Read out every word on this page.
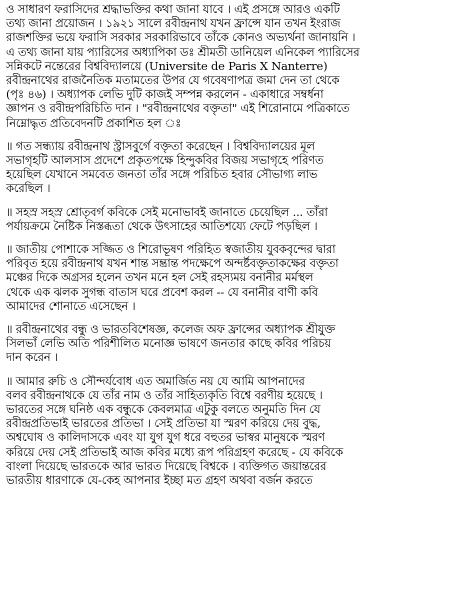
ও সাধারণ ফরাসিদের শ্রদ্ধাভক্তির কথা জানা যাবে । এই প্রসঙ্গে আরও একটি
তথ্য জানা প্রয়োজন । ১৯২১ সালে রবীন্দ্রনাথ যখন ফ্রান্সে যান তখন ইংরাজ
রাজশক্তির ভয়ে ফরাসি সরকার সরকারিভাবে তাঁকে কোনও অভ্যর্থনা জানায়নি ।
এ তথ্য জানা যায় প্যারিসের অধ্যাপিকা ডঃ শ্রীমতী ডানিয়েল এনিকেল প্যারিসের
সন্নিকটে নন্তেরের বিশ্ববিদ্যালয়ে (Universite de Paris X Nanterre)
রবীন্দ্রনাথের রাজনৈতিক মতামতের উপর যে গবেষণাপত্র জমা দেন তা থেকে
(পৃঃ ৪৬) । অধ্যাপক লেভি দুটি কাজই সম্পন্ন করলেন - একাধারে সম্বর্ধনা
জ্ঞাপন ও রবীন্দ্রপরিচিতি দান । "রবীন্দ্রনাথের বক্তৃতা" এই শিরোনামে পত্রিকাতে
নিম্নোদ্ধৃত প্রতিবেদনটি প্রকাশিত হল ঃ
॥ গত সন্ধ্যায় রবীন্দ্রনাথ স্ট্রাসবুর্গে বক্তৃতা করেছেন । বিশ্ববিদ্যালয়ের মূল
সভাগৃহটি আলসাস প্রদেশে প্রকৃতপক্ষে হিন্দুকবির বিজয় সভাগৃহে পরিণত
হয়েছিল যেখানে সমবেত জনতা তাঁর সঙ্গে পরিচিত হবার সৌভাগ্য লাভ
করেছিল ।
॥ সহস্র সহস্র শ্রোতৃবর্গ কবিকে সেই মনোভাবই জানাতে চেয়েছিল ... তাঁরা
পর্যায়ক্রমে নৈষ্টিক নিস্তব্ধতা থেকে উৎসাহের আতিশয্যে ফেটে পড়ছিল ।
॥ জাতীয় পোশাকে সজ্জিত ও শিরোভূষণ পরিহিত স্বজাতীয় যুবকবৃন্দের দ্বারা
পরিবৃত হয়ে রবীন্দ্রনাথ যখন শান্ত সম্ভ্রান্ত পদক্ষেপে অন্দর্ষ্টবক্তৃতাকক্ষের বক্তৃতা
মঞ্চের দিকে অগ্রসর হলেন তখন মনে হল সেই রহস্যময় বনানীর মর্মস্থল
থেকে এক ঝলক সুগন্ধ বাতাস ঘরে প্রবেশ করল -- যে বনানীর বাণী কবি
আমাদের শোনাতে এসেছেন ।
॥ রবীন্দ্রনাথের বন্ধু ও ভারতবিশেষজ্ঞ, কলেজ অফ ফ্রান্সের অধ্যাপক শ্রীযুক্ত
সিলভাঁ লেভি অতি পরিশীলিত মনোজ্ঞ ভাষণে জনতার কাছে কবির পরিচয়
দান করেন ।
॥ আমার রুচি ও সৌন্দর্যবোধ এত অমার্জিত নয় যে আমি আপনাদের
বলব রবীন্দ্রনাথকে যে তাঁর নাম ও তাঁর সাহিত্যকৃতি বিশ্বে বরণীয় হয়েছে ।
ভারতের সঙ্গে ঘনিষ্ঠ এক বন্ধুকে কেবলমাত্র এটুকু বলতে অনুমতি দিন যে
রবীন্দ্রপ্রতিভাই ভারতের প্রতিভা । সেই প্রতিভা যা স্মরণ করিয়ে দেয় বুদ্ধ,
অশ্বঘোষ ও কালিদাসকে এবং যা যুগ যুগ ধরে বহুতর ভাস্বর মানুষকে স্মরণ
করিয়ে দেয় সেই প্রতিভাই আজ কবির মধ্যে রূপ পরিগ্রহণ করেছে - যে কবিকে
বাংলা দিয়েছে ভারতকে আর ভারত দিয়েছে বিশ্বকে । ব্যক্তিগত জয়ান্তরের
ভারতীয় ধারণাকে যে-কেহ আপনার ইচ্ছা মত গ্রহণ অথবা বর্জন করতে
